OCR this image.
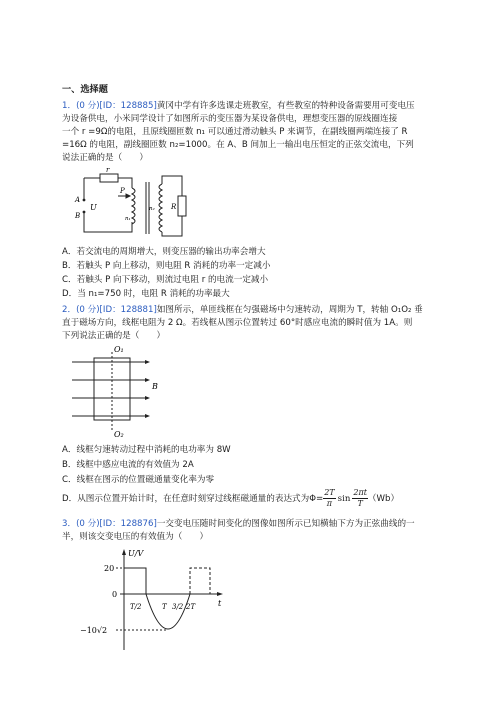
一、选择题
1．(0 分)[ID：128885]黄冈中学有许多选课走班教室，有些教室的特种设备需要用可变电压
为设备供电，小米同学设计了如图所示的变压器为某设备供电，理想变压器的原线圈连接
一个 r =9Ω的电阻，且原线圈匝数 n₁ 可以通过滑动触头 P 来调节，在副线圈两端连接了 R
=16Ω 的电阻，副线圈匝数 n₂=1000。在 A、B 间加上一输出电压恒定的正弦交流电，下列
说法正确的是（　　）
r
P
A
B
U
n₁
n₂ R
A．若交流电的周期增大，则变压器的输出功率会增大
B．若触头 P 向上移动，则电阻 R 消耗的功率一定减小
C．若触头 P 向下移动，则流过电阻 r 的电流一定减小
D．当 n₁=750 时，电阻 R 消耗的功率最大
2．(0 分)[ID：128881]如图所示，单匝线框在匀强磁场中匀速转动，周期为 T，转轴 O₁O₂ 垂
直于磁场方向，线框电阻为 2 Ω。若线框从图示位置转过 60°时感应电流的瞬时值为 1A。则
下列说法正确的是（　　）
O₁
O₂
B
A．线框匀速转动过程中消耗的电功率为 8W
B．线框中感应电流的有效值为 2A
C．线框在图示的位置磁通量变化率为零
D．从图示位置开始计时，在任意时刻穿过线框磁通量的表达式为$\Phi= \frac{2T}{\pi}$ $\sin \frac{2\pi t}{T} (Wb)$
3．(0 分)[ID：128876]一交变电压随时间变化的图像如图所示已知横轴下方为正弦曲线的一
半，则该交变电压的有效值为（　　）
U/V
20
0
−10√2
T/2	T 3/2 2T	t
